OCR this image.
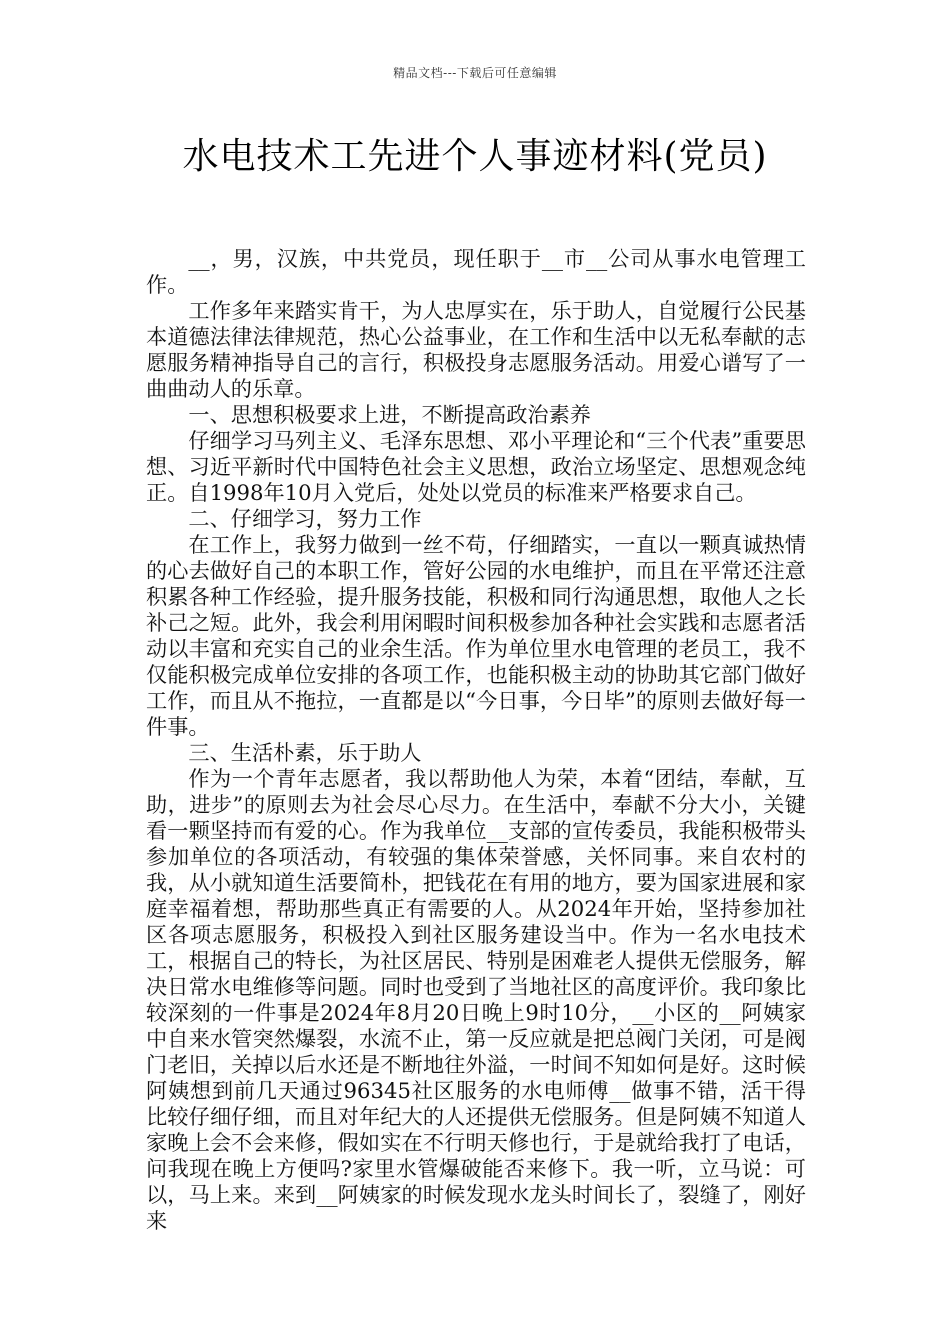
精品文档---下载后可任意编辑
水电技术工先进个人事迹材料(党员)

__，男，汉族，中共党员，现任职于__市__公司从事水电管理工作。

工作多年来踏实肯干，为人忠厚实在，乐于助人，自觉履行公民基本道德法律法律规范，热心公益事业，在工作和生活中以无私奉献的志愿服务精神指导自己的言行，积极投身志愿服务活动。用爱心谱写了一曲曲动人的乐章。

一、思想积极要求上进，不断提高政治素养

仔细学习马列主义、毛泽东思想、邓小平理论和“三个代表”重要思想、习近平新时代中国特色社会主义思想，政治立场坚定、思想观念纯正。自1998年10月入党后，处处以党员的标准来严格要求自己。

二、仔细学习，努力工作

在工作上，我努力做到一丝不苟，仔细踏实，一直以一颗真诚热情的心去做好自己的本职工作，管好公园的水电维护，而且在平常还注意积累各种工作经验，提升服务技能，积极和同行沟通思想，取他人之长补己之短。此外，我会利用闲暇时间积极参加各种社会实践和志愿者活动以丰富和充实自己的业余生活。作为单位里水电管理的老员工，我不仅能积极完成单位安排的各项工作，也能积极主动的协助其它部门做好工作，而且从不拖拉，一直都是以“今日事，今日毕”的原则去做好每一件事。

三、生活朴素，乐于助人

作为一个青年志愿者，我以帮助他人为荣，本着“团结，奉献，互助，进步”的原则去为社会尽心尽力。在生活中，奉献不分大小，关键看一颗坚持而有爱的心。作为我单位__支部的宣传委员，我能积极带头参加单位的各项活动，有较强的集体荣誉感，关怀同事。来自农村的我，从小就知道生活要简朴，把钱花在有用的地方，要为国家进展和家庭幸福着想，帮助那些真正有需要的人。从2024年开始，坚持参加社区各项志愿服务，积极投入到社区服务建设当中。作为一名水电技术工，根据自己的特长，为社区居民、特别是困难老人提供无偿服务，解决日常水电维修等问题。同时也受到了当地社区的高度评价。我印象比较深刻的一件事是2024年8月20日晚上9时10分，__小区的__阿姨家中自来水管突然爆裂，水流不止，第一反应就是把总阀门关闭，可是阀门老旧，关掉以后水还是不断地往外溢，一时间不知如何是好。这时候阿姨想到前几天通过96345社区服务的水电师傅__做事不错，活干得比较仔细仔细，而且对年纪大的人还提供无偿服务。但是阿姨不知道人家晚上会不会来修，假如实在不行明天修也行，于是就给我打了电话，问我现在晚上方便吗?家里水管爆破能否来修下。我一听，立马说：可以，马上来。来到__阿姨家的时候发现水龙头时间长了，裂缝了，刚好来
